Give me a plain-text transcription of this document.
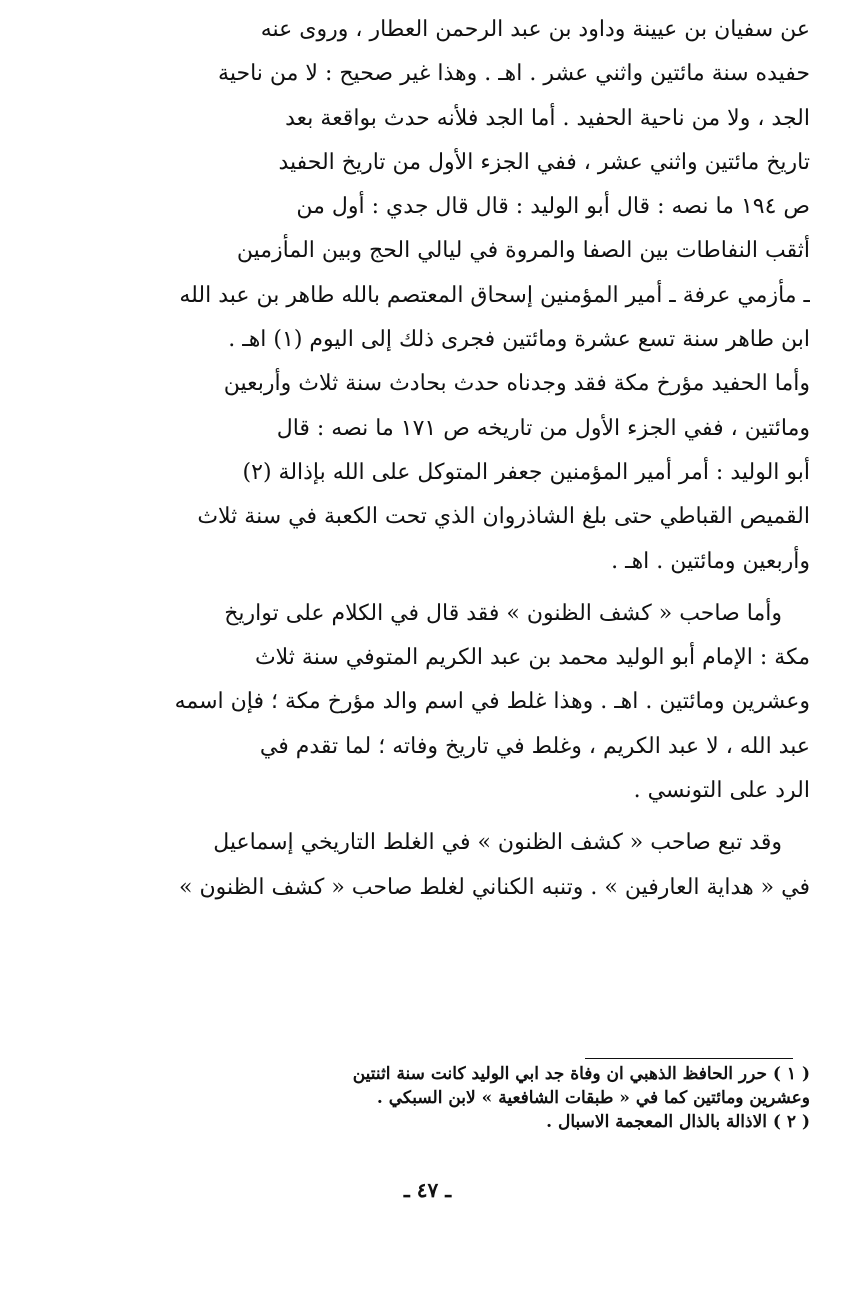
عن سفيان بن عيينة وداود بن عبد الرحمن العطار ، وروى عنه
حفيده سنة مائتين واثني عشر . اهـ . وهذا غير صحيح : لا من ناحية
الجد ، ولا من ناحية الحفيد . أما الجد فلأنه حدث بواقعة بعد
تاريخ مائتين واثني عشر ، ففي الجزء الأول من تاريخ الحفيد
ص ١٩٤ ما نصه : قال أبو الوليد : قال قال جدي : أول من
أثقب النفاطات بين الصفا والمروة في ليالي الحج وبين المأزمين
ـ مأزمي عرفة ـ أمير المؤمنين إسحاق المعتصم بالله طاهر بن عبد الله
ابن طاهر سنة تسع عشرة ومائتين فجرى ذلك إلى اليوم (١) اهـ .
وأما الحفيد مؤرخ مكة فقد وجدناه حدث بحادث سنة ثلاث وأربعين
ومائتين ، ففي الجزء الأول من تاريخه ص ١٧١ ما نصه : قال
أبو الوليد : أمر أمير المؤمنين جعفر المتوكل على الله بإذالة (٢)
القميص القباطي حتى بلغ الشاذروان الذي تحت الكعبة في سنة ثلاث
وأربعين ومائتين . اهـ .

وأما صاحب « كشف الظنون » فقد قال في الكلام على تواريخ
مكة : الإمام أبو الوليد محمد بن عبد الكريم المتوفي سنة ثلاث
وعشرين ومائتين . اهـ . وهذا غلط في اسم والد مؤرخ مكة ؛ فإن اسمه
عبد الله ، لا عبد الكريم ، وغلط في تاريخ وفاته ؛ لما تقدم في
الرد على التونسي .

وقد تبع صاحب « كشف الظنون » في الغلط التاريخي إسماعيل
في « هداية العارفين » . وتنبه الكناني لغلط صاحب « كشف الظنون »

( ١ ) حرر الحافظ الذهبي ان وفاة جد ابي الوليد كانت سنة اثنتين
وعشرين ومائتين كما في « طبقات الشافعية » لابن السبكي .
( ٢ ) الاذالة بالذال المعجمة الاسبال .
ـ ٤٧ ـ
